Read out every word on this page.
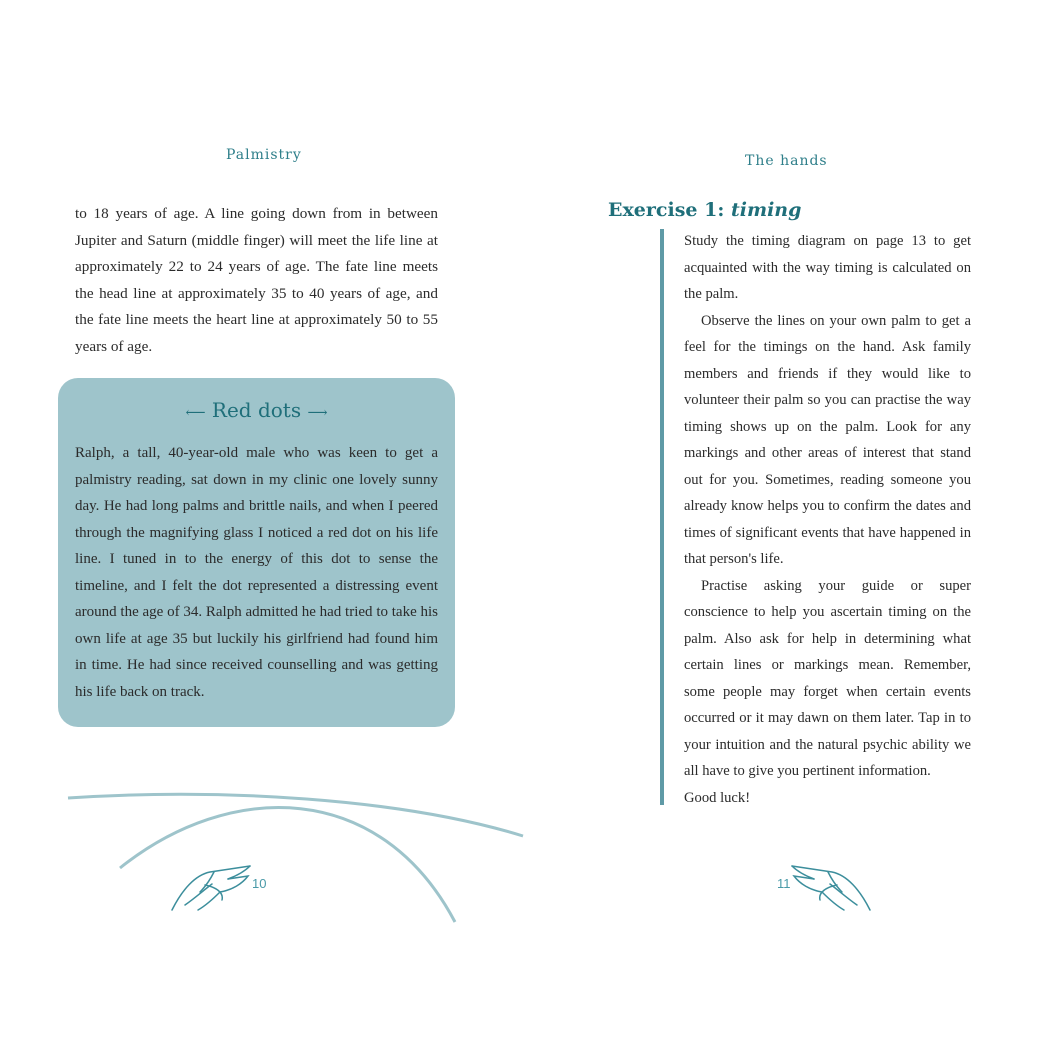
Palmistry

to 18 years of age. A line going down from in between Jupiter and Saturn (middle finger) will meet the life line at approximately 22 to 24 years of age. The fate line meets the head line at approximately 35 to 40 years of age, and the fate line meets the heart line at approximately 50 to 55 years of age.

⟵ Red dots ⟶

Ralph, a tall, 40-year-old male who was keen to get a palmistry reading, sat down in my clinic one lovely sunny day. He had long palms and brittle nails, and when I peered through the magnifying glass I noticed a red dot on his life line. I tuned in to the energy of this dot to sense the timeline, and I felt the dot represented a distressing event around the age of 34. Ralph admitted he had tried to take his own life at age 35 but luckily his girlfriend had found him in time. He had since received counselling and was getting his life back on track.

10
The hands
Exercise 1: timing

Study the timing diagram on page 13 to get acquainted with the way timing is calculated on the palm.

Observe the lines on your own palm to get a feel for the timings on the hand. Ask family members and friends if they would like to volunteer their palm so you can practise the way timing shows up on the palm. Look for any markings and other areas of interest that stand out for you. Sometimes, reading someone you already know helps you to confirm the dates and times of significant events that have happened in that person's life.

Practise asking your guide or super conscience to help you ascertain timing on the palm. Also ask for help in determining what certain lines or markings mean. Remember, some people may forget when certain events occurred or it may dawn on them later. Tap in to your intuition and the natural psychic ability we all have to give you pertinent information.

Good luck!

11
